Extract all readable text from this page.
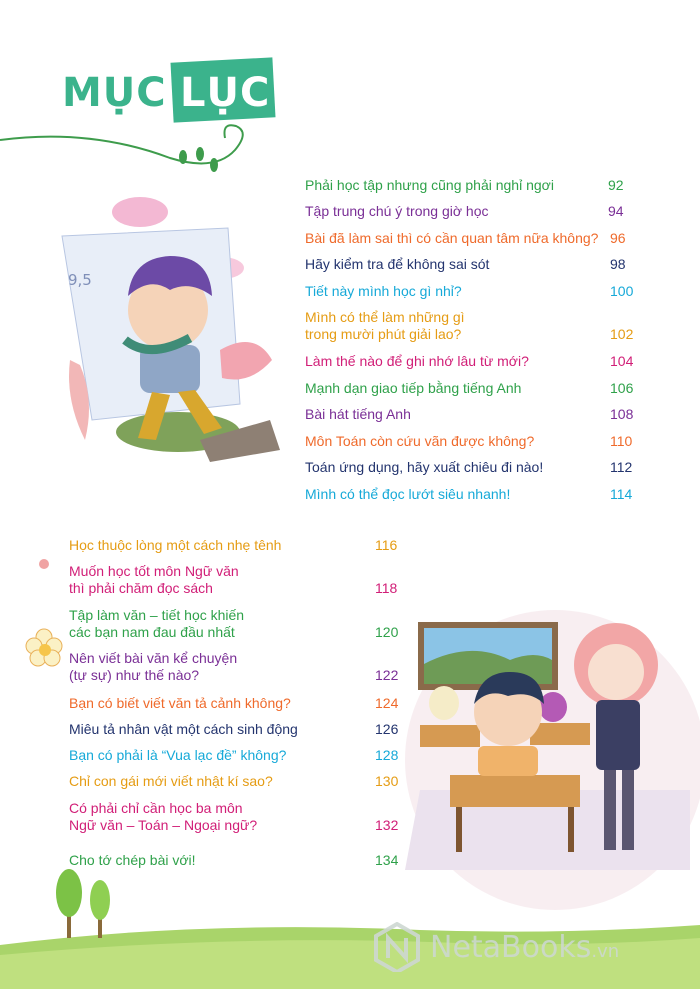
9,5
MỤC LỤC
Phải học tập nhưng cũng phải nghỉ ngơi	92
Tập trung chú ý trong giờ học	94
Bài đã làm sai thì có cần quan tâm nữa không? 96
Hãy kiểm tra để không sai sót	98
Tiết này mình học gì nhỉ?	100
Mình có thể làm những gì
trong mười phút giải lao?	102
Làm thế nào để ghi nhớ lâu từ mới?	104
Mạnh dạn giao tiếp bằng tiếng Anh	106
Bài hát tiếng Anh	108
Môn Toán còn cứu vãn được không?	110
Toán ứng dụng, hãy xuất chiêu đi nào!	112
Mình có thể đọc lướt siêu nhanh!	114
Học thuộc lòng một cách nhẹ tênh	116
Muốn học tốt môn Ngữ văn
thì phải chăm đọc sách	118
Tập làm văn – tiết học khiến
các bạn nam đau đầu nhất	120
Nên viết bài văn kể chuyện
(tự sự) như thế nào?	122
Bạn có biết viết văn tả cảnh không?	124
Miêu tả nhân vật một cách sinh động	126
Bạn có phải là “Vua lạc đề” không?	128
Chỉ con gái mới viết nhật kí sao?	130
Có phải chỉ cần học ba môn
Ngữ văn – Toán – Ngoại ngữ?	132
Cho tớ chép bài với!	134
NetaBooks.vn
